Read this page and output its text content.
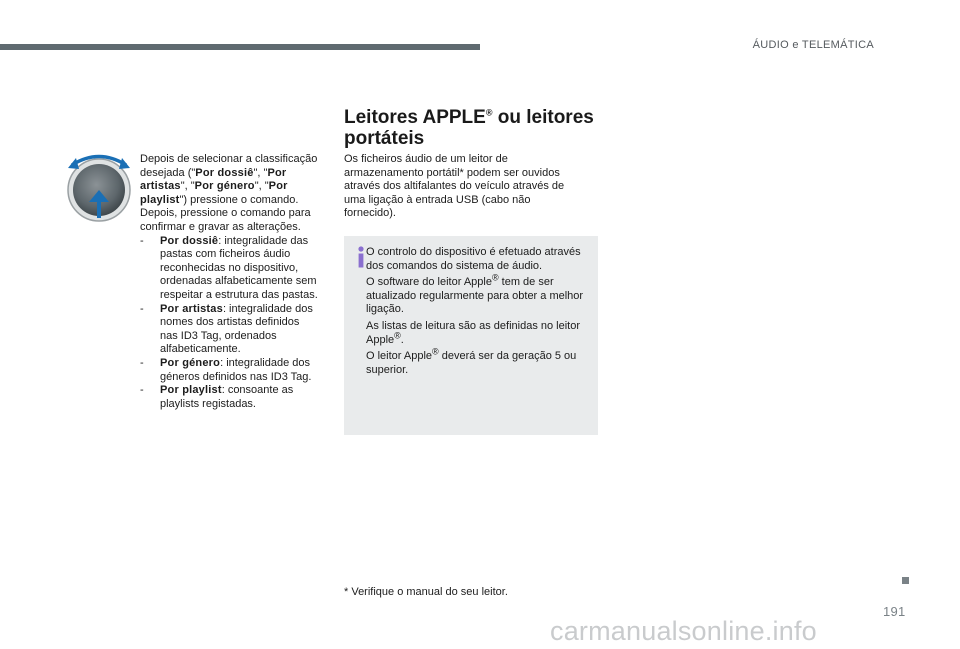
ÁUDIO e TELEMÁTICA

Depois de selecionar a classificação desejada ("Por dossiê", "Por artistas", "Por género", "Por playlist") pressione o comando.

Depois, pressione o comando para confirmar e gravar as alterações.

-	Por dossiê: integralidade das pastas com ficheiros áudio reconhecidas no dispositivo, ordenadas alfabeticamente sem respeitar a estrutura das pastas.
-	Por artistas: integralidade dos nomes dos artistas definidos nas ID3 Tag, ordenados alfabeticamente.
-	Por género: integralidade dos géneros definidos nas ID3 Tag.
-	Por playlist: consoante as playlists registadas.
Leitores APPLE® ou leitores portáteis

Os ficheiros áudio de um leitor de armazenamento portátil* podem ser ouvidos através dos altifalantes do veículo através de uma ligação à entrada USB (cabo não fornecido).

O controlo do dispositivo é efetuado através dos comandos do sistema de áudio.

O software do leitor Apple® tem de ser atualizado regularmente para obter a melhor ligação.

As listas de leitura são as definidas no leitor Apple®.

O leitor Apple® deverá ser da geração 5 ou superior.

* Verifique o manual do seu leitor.

191
carmanualsonline.info
